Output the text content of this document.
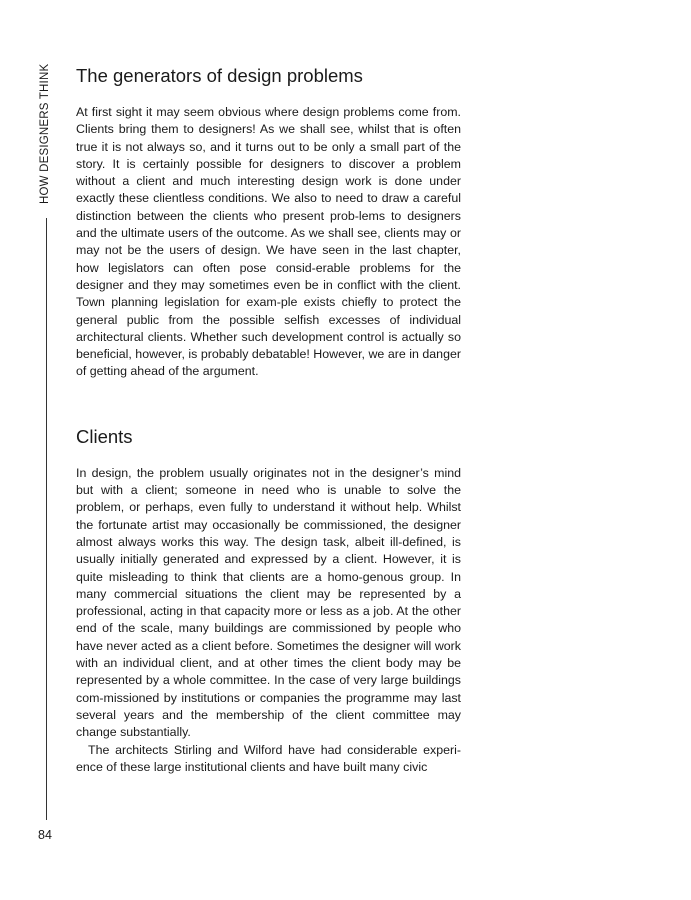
HOW DESIGNERS THINK
84
The generators of design problems

At first sight it may seem obvious where design problems come from. Clients bring them to designers! As we shall see, whilst that is often true it is not always so, and it turns out to be only a small part of the story. It is certainly possible for designers to discover a problem without a client and much interesting design work is done under exactly these clientless conditions. We also to need to draw a careful distinction between the clients who present prob-lems to designers and the ultimate users of the outcome. As we shall see, clients may or may not be the users of design. We have seen in the last chapter, how legislators can often pose consid-erable problems for the designer and they may sometimes even be in conflict with the client. Town planning legislation for exam-ple exists chiefly to protect the general public from the possible selfish excesses of individual architectural clients. Whether such development control is actually so beneficial, however, is probably debatable! However, we are in danger of getting ahead of the argument.

Clients

In design, the problem usually originates not in the designer’s mind but with a client; someone in need who is unable to solve the problem, or perhaps, even fully to understand it without help. Whilst the fortunate artist may occasionally be commissioned, the designer almost always works this way. The design task, albeit ill-defined, is usually initially generated and expressed by a client. However, it is quite misleading to think that clients are a homo-genous group. In many commercial situations the client may be represented by a professional, acting in that capacity more or less as a job. At the other end of the scale, many buildings are commissioned by people who have never acted as a client before. Sometimes the designer will work with an individual client, and at other times the client body may be represented by a whole committee. In the case of very large buildings com-missioned by institutions or companies the programme may last several years and the membership of the client committee may change substantially.

The architects Stirling and Wilford have had considerable experi-ence of these large institutional clients and have built many civic
